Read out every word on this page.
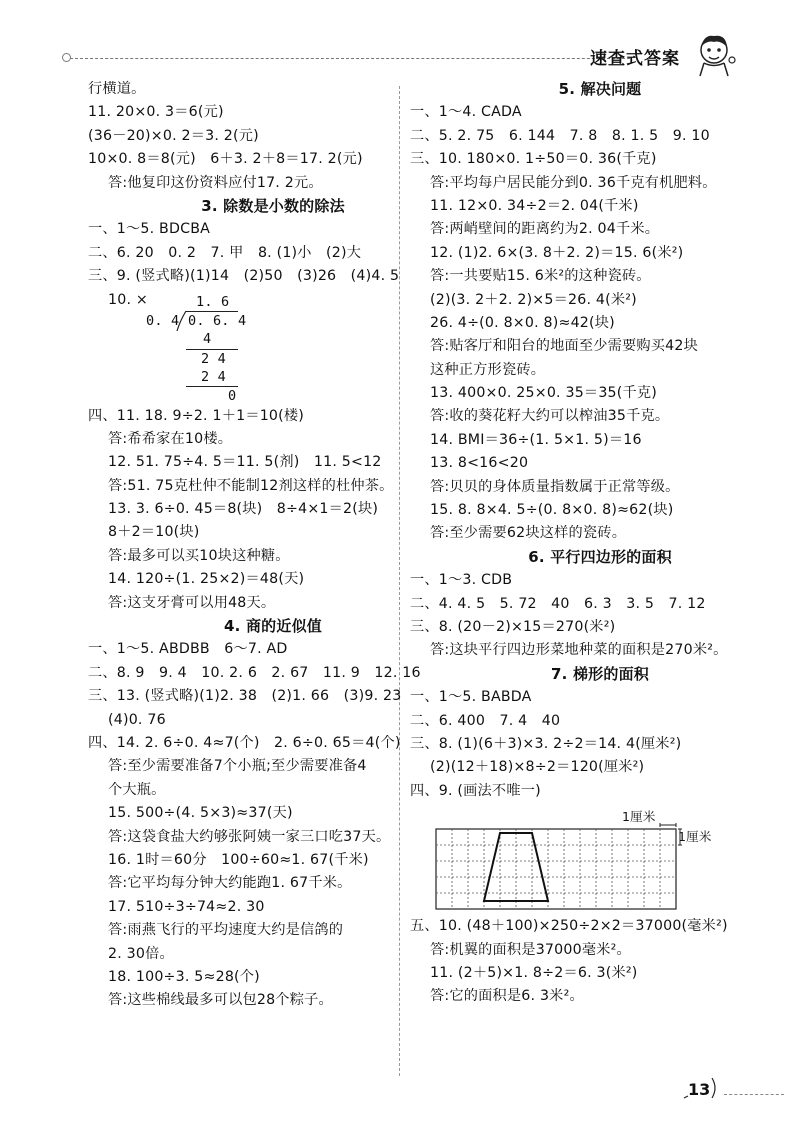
速查式答案
行横道。
11. 20×0. 3＝6(元)
(36－20)×0. 2＝3. 2(元)
10×0. 8＝8(元)　6＋3. 2＋8＝17. 2(元)
答:他复印这份资料应付17. 2元。
3. 除数是小数的除法
一、1～5. BDCBA
二、6. 20　0. 2　7. 甲　8. (1)小　(2)大
三、9. (竖式略)(1)14　(2)50　(3)26　(4)4. 5
10. ×	1. 6
0. 4 0. 6. 4
4
2 4
2 4
0
四、11. 18. 9÷2. 1＋1＝10(楼)
答:希希家在10楼。
12. 51. 75÷4. 5＝11. 5(剂)　11. 5<12
答:51. 75克杜仲不能制12剂这样的杜仲茶。
13. 3. 6÷0. 45＝8(块)　8÷4×1＝2(块)
8＋2＝10(块)
答:最多可以买10块这种糖。
14. 120÷(1. 25×2)＝48(天)
答:这支牙膏可以用48天。
4. 商的近似值
一、1～5. ABDBB　6～7. AD
二、8. 9　9. 4　10. 2. 6̇　2. 67　11. 9　12. 16
三、13. (竖式略)(1)2. 38　(2)1. 66　(3)9. 23
(4)0. 76
四、14. 2. 6÷0. 4≈7(个)　2. 6÷0. 65＝4(个)
答:至少需要准备7个小瓶;至少需要准备4
个大瓶。
15. 500÷(4. 5×3)≈37(天)
答:这袋食盐大约够张阿姨一家三口吃37天。
16. 1时＝60分　100÷60≈1. 67(千米)
答:它平均每分钟大约能跑1. 67千米。
17. 510÷3÷74≈2. 30
答:雨燕飞行的平均速度大约是信鸽的
2. 30倍。
18. 100÷3. 5≈28(个)
答:这些棉线最多可以包28个粽子。
5. 解决问题
一、1～4. CADA
二、5. 2. 75　6. 144　7. 8　8. 1. 5　9. 10
三、10. 180×0. 1÷50＝0. 36(千克)
答:平均每户居民能分到0. 36千克有机肥料。
11. 12×0. 34÷2＝2. 04(千米)
答:两峭壁间的距离约为2. 04千米。
12. (1)2. 6×(3. 8＋2. 2)＝15. 6(米²)
答:一共要贴15. 6米²的这种瓷砖。
(2)(3. 2＋2. 2)×5＝26. 4(米²)
26. 4÷(0. 8×0. 8)≈42(块)
答:贴客厅和阳台的地面至少需要购买42块
这种正方形瓷砖。
13. 400×0. 25×0. 35＝35(千克)
答:收的葵花籽大约可以榨油35千克。
14. BMI＝36÷(1. 5×1. 5)＝16
13. 8<16<20
答:贝贝的身体质量指数属于正常等级。
15. 8. 8×4. 5÷(0. 8×0. 8)≈62(块)
答:至少需要62块这样的瓷砖。
6. 平行四边形的面积
一、1～3. CDB
二、4. 4. 5　5. 72　40　6. 3　3. 5　7. 12
三、8. (20－2)×15＝270(米²)
答:这块平行四边形菜地种菜的面积是270米²。
7. 梯形的面积
一、1～5. BABDA
二、6. 400　7. 4　40
三、8. (1)(6＋3)×3. 2÷2＝14. 4(厘米²)
(2)(12＋18)×8÷2＝120(厘米²)
四、9. (画法不唯一)
1厘米
1厘米
五、10. (48＋100)×250÷2×2＝37000(毫米²)
答:机翼的面积是37000毫米²。
11. (2＋5)×1. 8÷2＝6. 3(米²)
答:它的面积是6. 3米²。
13
